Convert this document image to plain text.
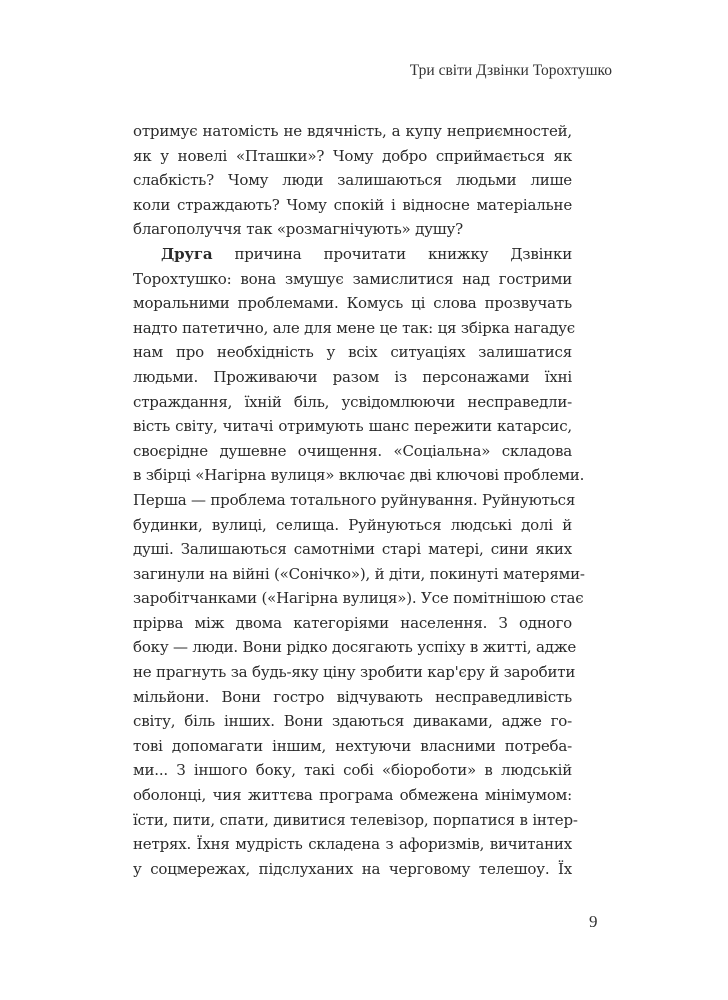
Три світи Дзвінки Торохтушко
отримує натомість не вдячність, а купу неприємностей,
як у новелі «Пташки»? Чому добро сприймається як
слабкість? Чому люди залишаються людьми лише
коли страждають? Чому спокій і відносне матеріальне
благополуччя так «розмагнічують» душу?
Друга причина прочитати книжку Дзвінки
Торохтушко: вона змушує замислитися над гострими
моральними проблемами. Комусь ці слова прозвучать
надто патетично, але для мене це так: ця збірка нагадує
нам про необхідність у всіх ситуаціях залишатися
людьми. Проживаючи разом із персонажами їхні
страждання, їхній біль, усвідомлюючи несправедли-
вість світу, читачі отримують шанс пережити катарсис,
своєрідне душевне очищення. «Соціальна» складова
в збірці «Нагірна вулиця» включає дві ключові проблеми.
Перша — проблема тотального руйнування. Руйнуються
будинки, вулиці, селища. Руйнуються людські долі й
душі. Залишаються самотніми старі матері, сини яких
загинули на війні («Сонічко»), й діти, покинуті матерями-
заробітчанками («Нагірна вулиця»). Усе помітнішою стає
прірва між двома категоріями населення. З одного
боку — люди. Вони рідко досягають успіху в житті, адже
не прагнуть за будь-яку ціну зробити кар'єру й заробити
мільйони. Вони гостро відчувають несправедливість
світу, біль інших. Вони здаються диваками, адже го-
тові допомагати іншим, нехтуючи власними потреба-
ми... З іншого боку, такі собі «біороботи» в людській
оболонці, чия життєва програма обмежена мінімумом:
їсти, пити, спати, дивитися телевізор, порпатися в інтер-
нетрях. Їхня мудрість складена з афоризмів, вичитаних
у соцмережах, підслуханих на черговому телешоу. Їх
9
